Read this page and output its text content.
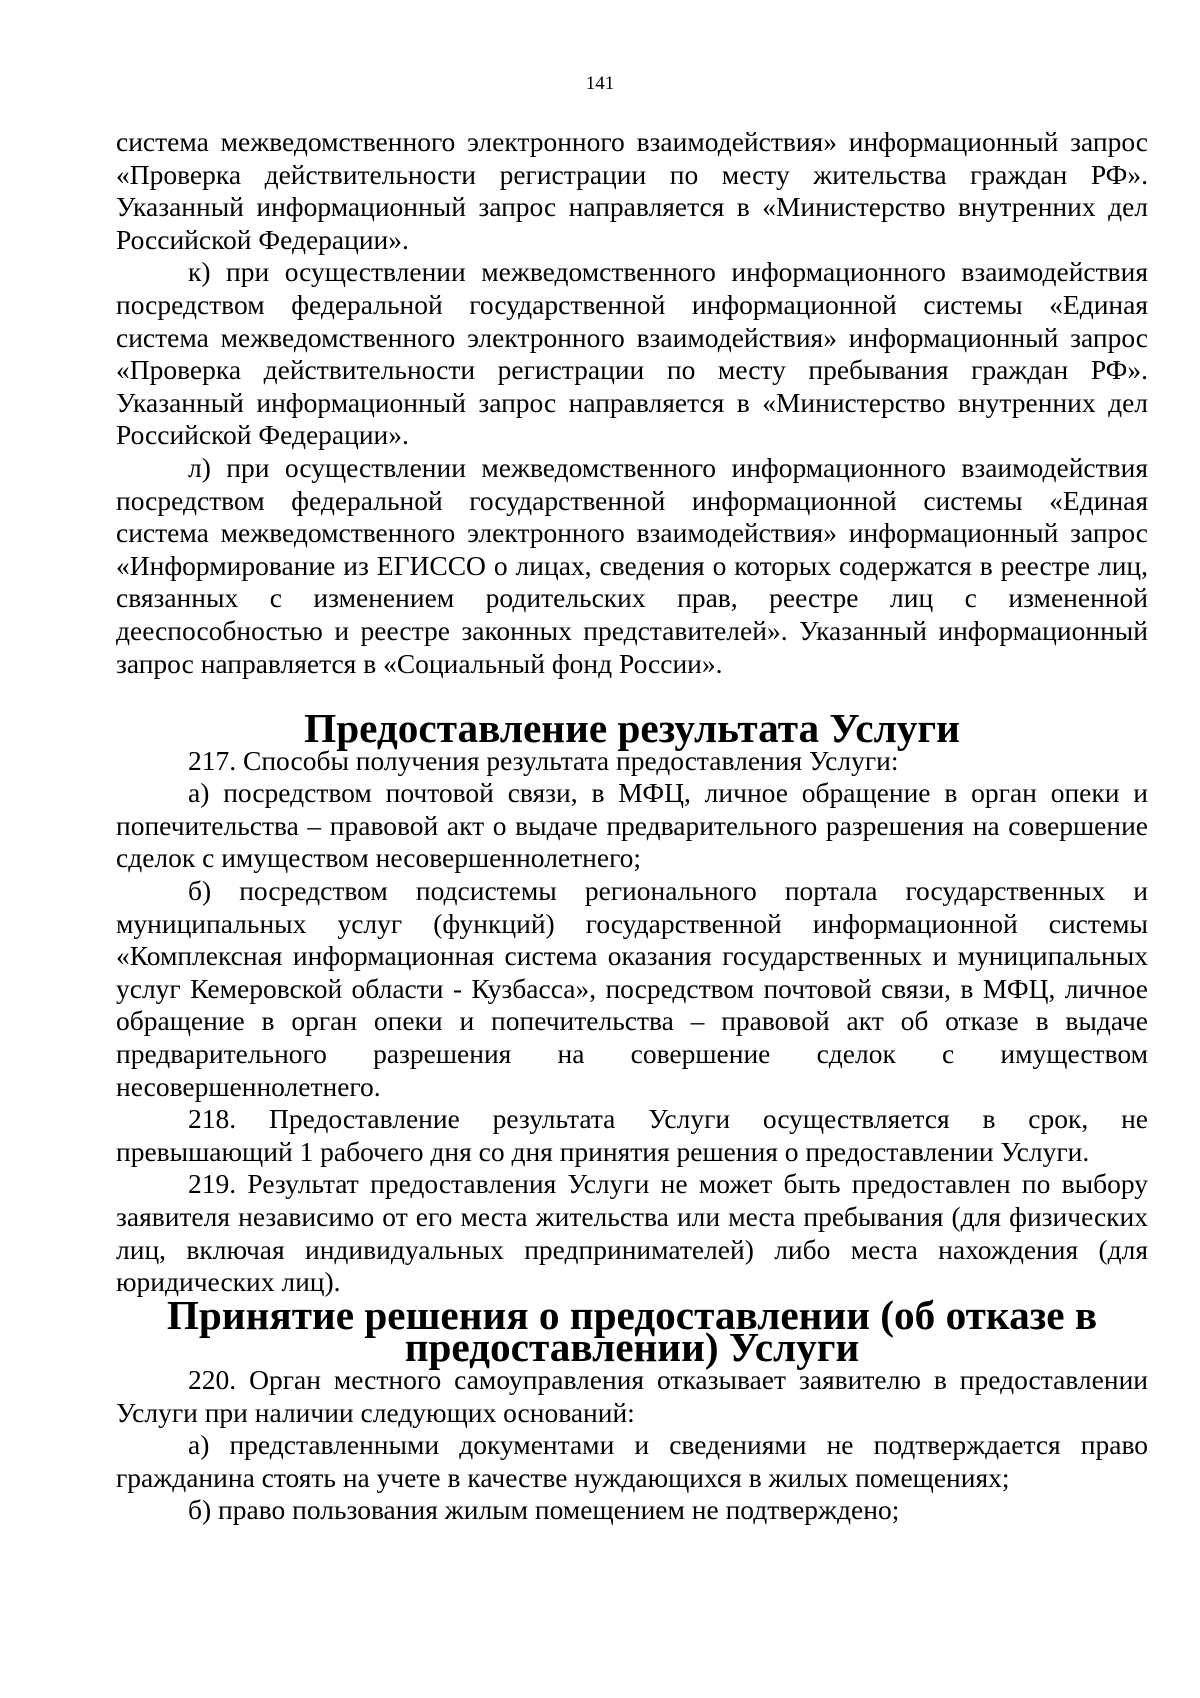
141

система межведомственного электронного взаимодействия» информационный запрос «Проверка действительности регистрации по месту жительства граждан РФ». Указанный информационный запрос направляется в «Министерство внутренних дел Российской Федерации».

к) при осуществлении межведомственного информационного взаимодействия посредством федеральной государственной информационной системы «Единая система межведомственного электронного взаимодействия» информационный запрос «Проверка действительности регистрации по месту пребывания граждан РФ». Указанный информационный запрос направляется в «Министерство внутренних дел Российской Федерации».

л) при осуществлении межведомственного информационного взаимодействия посредством федеральной государственной информационной системы «Единая система межведомственного электронного взаимодействия» информационный запрос «Информирование из ЕГИССО о лицах, сведения о которых содержатся в реестре лиц, связанных с изменением родительских прав, реестре лиц с измененной дееспособностью и реестре законных представителей». Указанный информационный запрос направляется в «Социальный фонд России».

Предоставление результата Услуги

217. Способы получения результата предоставления Услуги:

а) посредством почтовой связи, в МФЦ, личное обращение в орган опеки и попечительства – правовой акт о выдаче предварительного разрешения на совершение сделок с имуществом несовершеннолетнего;

б) посредством подсистемы регионального портала государственных и муниципальных услуг (функций) государственной информационной системы «Комплексная информационная система оказания государственных и муниципальных услуг Кемеровской области - Кузбасса», посредством почтовой связи, в МФЦ, личное обращение в орган опеки и попечительства – правовой акт об отказе в выдаче предварительного разрешения на совершение сделок с имуществом несовершеннолетнего.

218. Предоставление результата Услуги осуществляется в срок, не превышающий 1 рабочего дня со дня принятия решения о предоставлении Услуги.

219. Результат предоставления Услуги не может быть предоставлен по выбору заявителя независимо от его места жительства или места пребывания (для физических лиц, включая индивидуальных предпринимателей) либо места нахождения (для юридических лиц).

Принятие решения о предоставлении (об отказе в предоставлении) Услуги

220. Орган местного самоуправления отказывает заявителю в предоставлении Услуги при наличии следующих оснований:

а) представленными документами и сведениями не подтверждается право гражданина стоять на учете в качестве нуждающихся в жилых помещениях;

б) право пользования жилым помещением не подтверждено;
